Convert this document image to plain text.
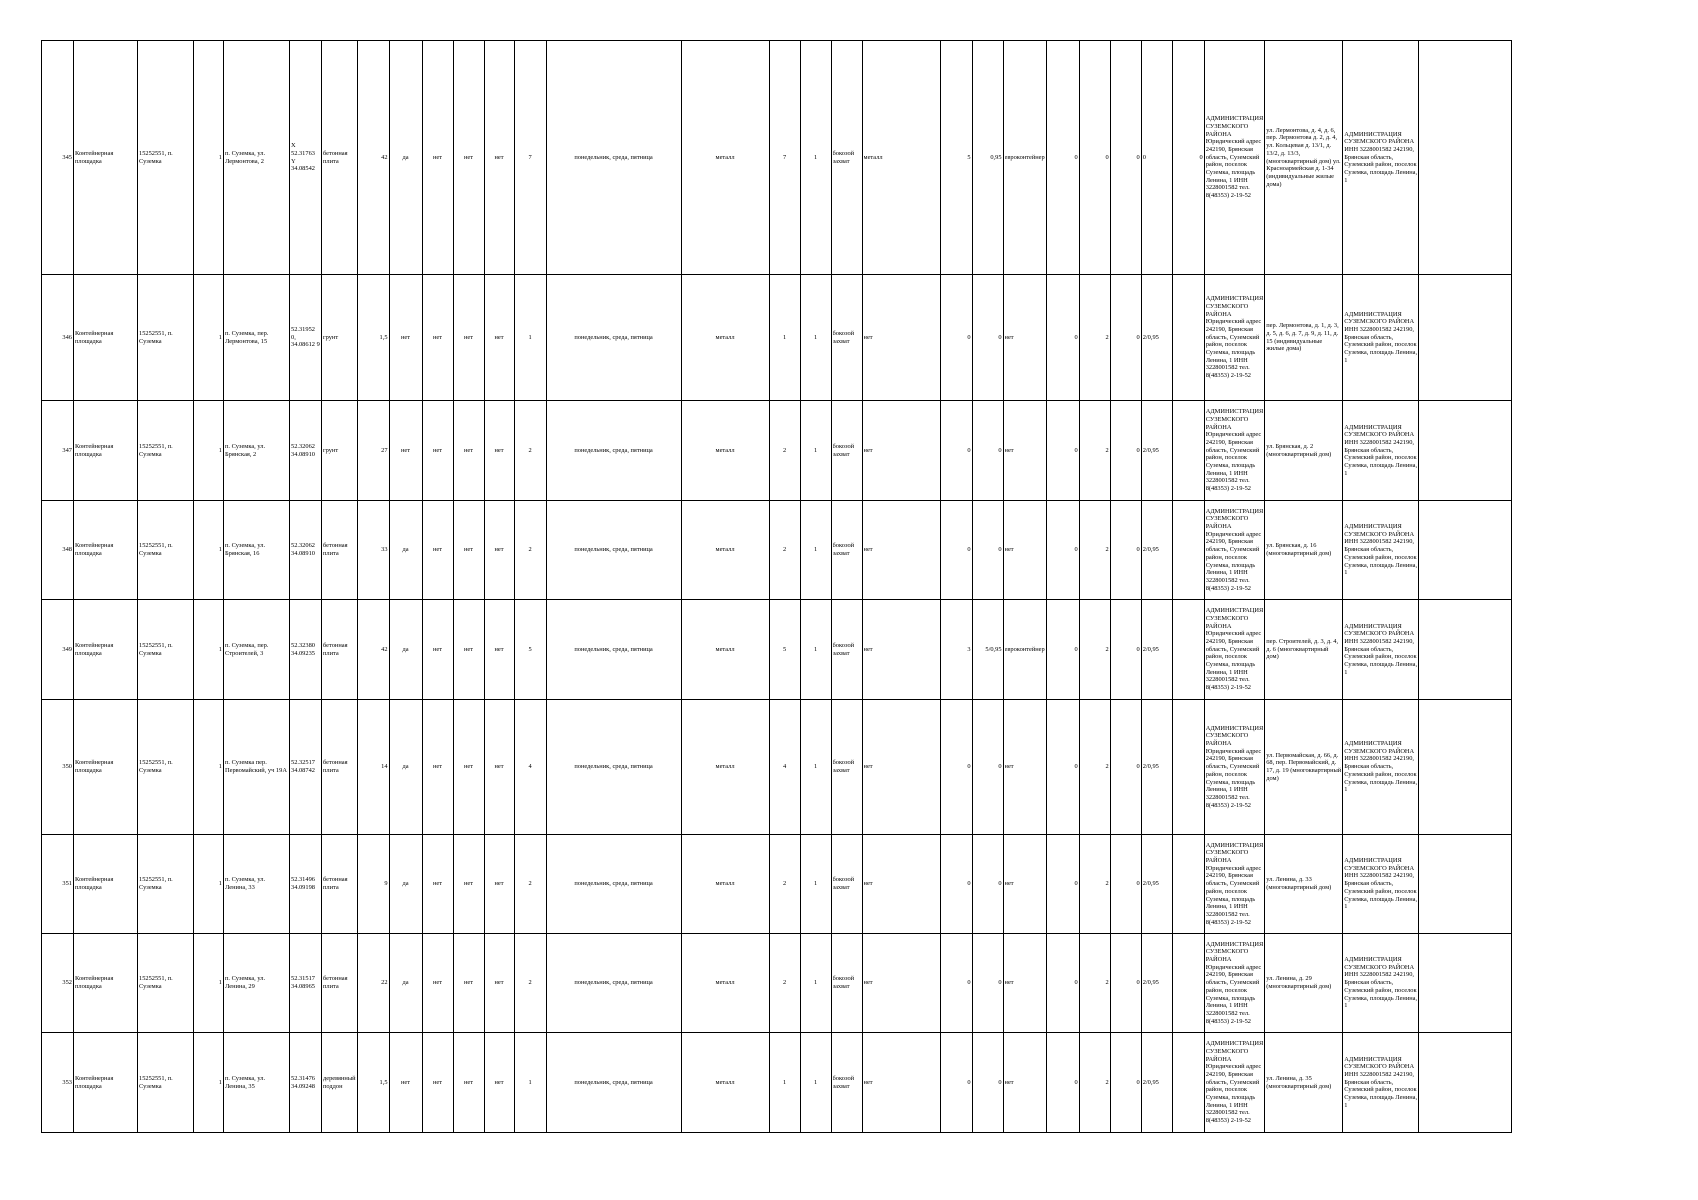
345	Контейнерная площадка	15252551, п. Суземка	1	п. Суземка, ул. Лермонтова, 2	X 52.31763 Y 34.08542	бетонная плита	42	да	нет	нет	нет	7	понедельник, среда, пятница	металл	7	1	бокозой захват	металл	5	0,95	евроконтейнер	0	0	0	0	0	АДМИНИСТРАЦИЯ СУЗЕМСКОГО РАЙОНА Юридический адрес 242190, Брянская область, Суземский район, поселок Суземка, площадь Ленина, 1 ИНН 3228001582 тел. 8(48353) 2-19-52	ул. Лермонтова, д. 4, д. 6, пер. Лермонтова д. 2, д. 4, ул. Кольцевая д. 13/1, д. 13/2, д. 13/3, (многоквартирный дом) ул. Красноармейская д. 1-34 (индивидуальные жилые дома)	АДМИНИСТРАЦИЯ СУЗЕМСКОГО РАЙОНА ИНН 3228001582 242190, Брянская область, Суземский район, поселок Суземка, площадь Ленина, 1	

346	Контейнерная площадка	15252551, п. Суземка	1	п. Суземка, пер. Лермонтова, 15	52.31952 0, 34.08612 9	грунт	1,5	нет	нет	нет	нет	1	понедельник, среда, пятница	металл	1	1	бокозой захват	нет	0	0	нет	0	2	0	2/0,95		АДМИНИСТРАЦИЯ СУЗЕМСКОГО РАЙОНА Юридический адрес 242190, Брянская область, Суземский район, поселок Суземка, площадь Ленина, 1 ИНН 3228001582 тел. 8(48353) 2-19-52	пер. Лермонтова, д. 1, д. 3, д. 5, д. 6, д. 7, д. 9, д. 11, д. 15 (индивидуальные жилые дома)	АДМИНИСТРАЦИЯ СУЗЕМСКОГО РАЙОНА ИНН 3228001582 242190, Брянская область, Суземский район, поселок Суземка, площадь Ленина, 1	

347	Контейнерная площадка	15252551, п. Суземка	1	п. Суземка, ул. Брянская, 2	52.32062 34.08910	грунт	27	нет	нет	нет	нет	2	понедельник, среда, пятница	металл	2	1	бокозой захват	нет	0	0	нет	0	2	0	2/0,95		АДМИНИСТРАЦИЯ СУЗЕМСКОГО РАЙОНА Юридический адрес 242190, Брянская область, Суземский район, поселок Суземка, площадь Ленина, 1 ИНН 3228001582 тел. 8(48353) 2-19-52	ул. Брянская, д. 2 (многоквартирный дом)	АДМИНИСТРАЦИЯ СУЗЕМСКОГО РАЙОНА ИНН 3228001582 242190, Брянская область, Суземский район, поселок Суземка, площадь Ленина, 1	

348	Контейнерная площадка	15252551, п. Суземка	1	п. Суземка, ул. Брянская, 16	52.32062 34.08910	бетонная плита	33	да	нет	нет	нет	2	понедельник, среда, пятница	металл	2	1	бокозой захват	нет	0	0	нет	0	2	0	2/0,95		АДМИНИСТРАЦИЯ СУЗЕМСКОГО РАЙОНА Юридический адрес 242190, Брянская область, Суземский район, поселок Суземка, площадь Ленина, 1 ИНН 3228001582 тел. 8(48353) 2-19-52	ул. Брянская, д. 16 (многоквартирный дом)	АДМИНИСТРАЦИЯ СУЗЕМСКОГО РАЙОНА ИНН 3228001582 242190, Брянская область, Суземский район, поселок Суземка, площадь Ленина, 1	

349	Контейнерная площадка	15252551, п. Суземка	1	п. Суземка, пер. Строителей, 3	52.32380 34.09235	бетонная плита	42	да	нет	нет	нет	5	понедельник, среда, пятница	металл	5	1	бокозой захват	нет	3	5/0,95	евроконтейнер	0	2	0	2/0,95		АДМИНИСТРАЦИЯ СУЗЕМСКОГО РАЙОНА Юридический адрес 242190, Брянская область, Суземский район, поселок Суземка, площадь Ленина, 1 ИНН 3228001582 тел. 8(48353) 2-19-52	пер. Строителей, д. 3, д. 4, д. 6 (многоквартирный дом)	АДМИНИСТРАЦИЯ СУЗЕМСКОГО РАЙОНА ИНН 3228001582 242190, Брянская область, Суземский район, поселок Суземка, площадь Ленина, 1	

350	Контейнерная площадка	15252551, п. Суземка	1	п. Суземка пер. Первомайский, уч 19А	52.32517 34.08742	бетонная плита	14	да	нет	нет	нет	4	понедельник, среда, пятница	металл	4	1	бокозой захват	нет	0	0	нет	0	2	0	2/0,95		АДМИНИСТРАЦИЯ СУЗЕМСКОГО РАЙОНА Юридический адрес 242190, Брянская область, Суземский район, поселок Суземка, площадь Ленина, 1 ИНН 3228001582 тел. 8(48353) 2-19-52	ул. Первомайская, д. 66, д. 68, пер. Первомайский, д. 17, д. 19 (многоквартирный дом)	АДМИНИСТРАЦИЯ СУЗЕМСКОГО РАЙОНА ИНН 3228001582 242190, Брянская область, Суземский район, поселок Суземка, площадь Ленина, 1	

351	Контейнерная площадка	15252551, п. Суземка	1	п. Суземка, ул. Ленина, 33	52.31496 34.09198	бетонная плита	9	да	нет	нет	нет	2	понедельник, среда, пятница	металл	2	1	бокозой захват	нет	0	0	нет	0	2	0	2/0,95		АДМИНИСТРАЦИЯ СУЗЕМСКОГО РАЙОНА Юридический адрес 242190, Брянская область, Суземский район, поселок Суземка, площадь Ленина, 1 ИНН 3228001582 тел. 8(48353) 2-19-52	ул. Ленина, д. 33 (многоквартирный дом)	АДМИНИСТРАЦИЯ СУЗЕМСКОГО РАЙОНА ИНН 3228001582 242190, Брянская область, Суземский район, поселок Суземка, площадь Ленина, 1	

352	Контейнерная площадка	15252551, п. Суземка	1	п. Суземка, ул. Ленина, 29	52.31517 34.08965	бетонная плита	22	да	нет	нет	нет	2	понедельник, среда, пятница	металл	2	1	бокозой захват	нет	0	0	нет	0	2	0	2/0,95		АДМИНИСТРАЦИЯ СУЗЕМСКОГО РАЙОНА Юридический адрес 242190, Брянская область, Суземский район, поселок Суземка, площадь Ленина, 1 ИНН 3228001582 тел. 8(48353) 2-19-52	ул. Ленина, д. 29 (многоквартирный дом)	АДМИНИСТРАЦИЯ СУЗЕМСКОГО РАЙОНА ИНН 3228001582 242190, Брянская область, Суземский район, поселок Суземка, площадь Ленина, 1	

353	Контейнерная площадка	15252551, п. Суземка	1	п. Суземка, ул. Ленина, 35	52.31476 34.09248	деревянный поддон	1,5	нет	нет	нет	нет	1	понедельник, среда, пятница	металл	1	1	бокозой захват	нет	0	0	нет	0	2	0	2/0,95		АДМИНИСТРАЦИЯ СУЗЕМСКОГО РАЙОНА Юридический адрес 242190, Брянская область, Суземский район, поселок Суземка, площадь Ленина, 1 ИНН 3228001582 тел. 8(48353) 2-19-52	ул. Ленина, д. 35 (многоквартирный дом)	АДМИНИСТРАЦИЯ СУЗЕМСКОГО РАЙОНА ИНН 3228001582 242190, Брянская область, Суземский район, поселок Суземка, площадь Ленина, 1	
